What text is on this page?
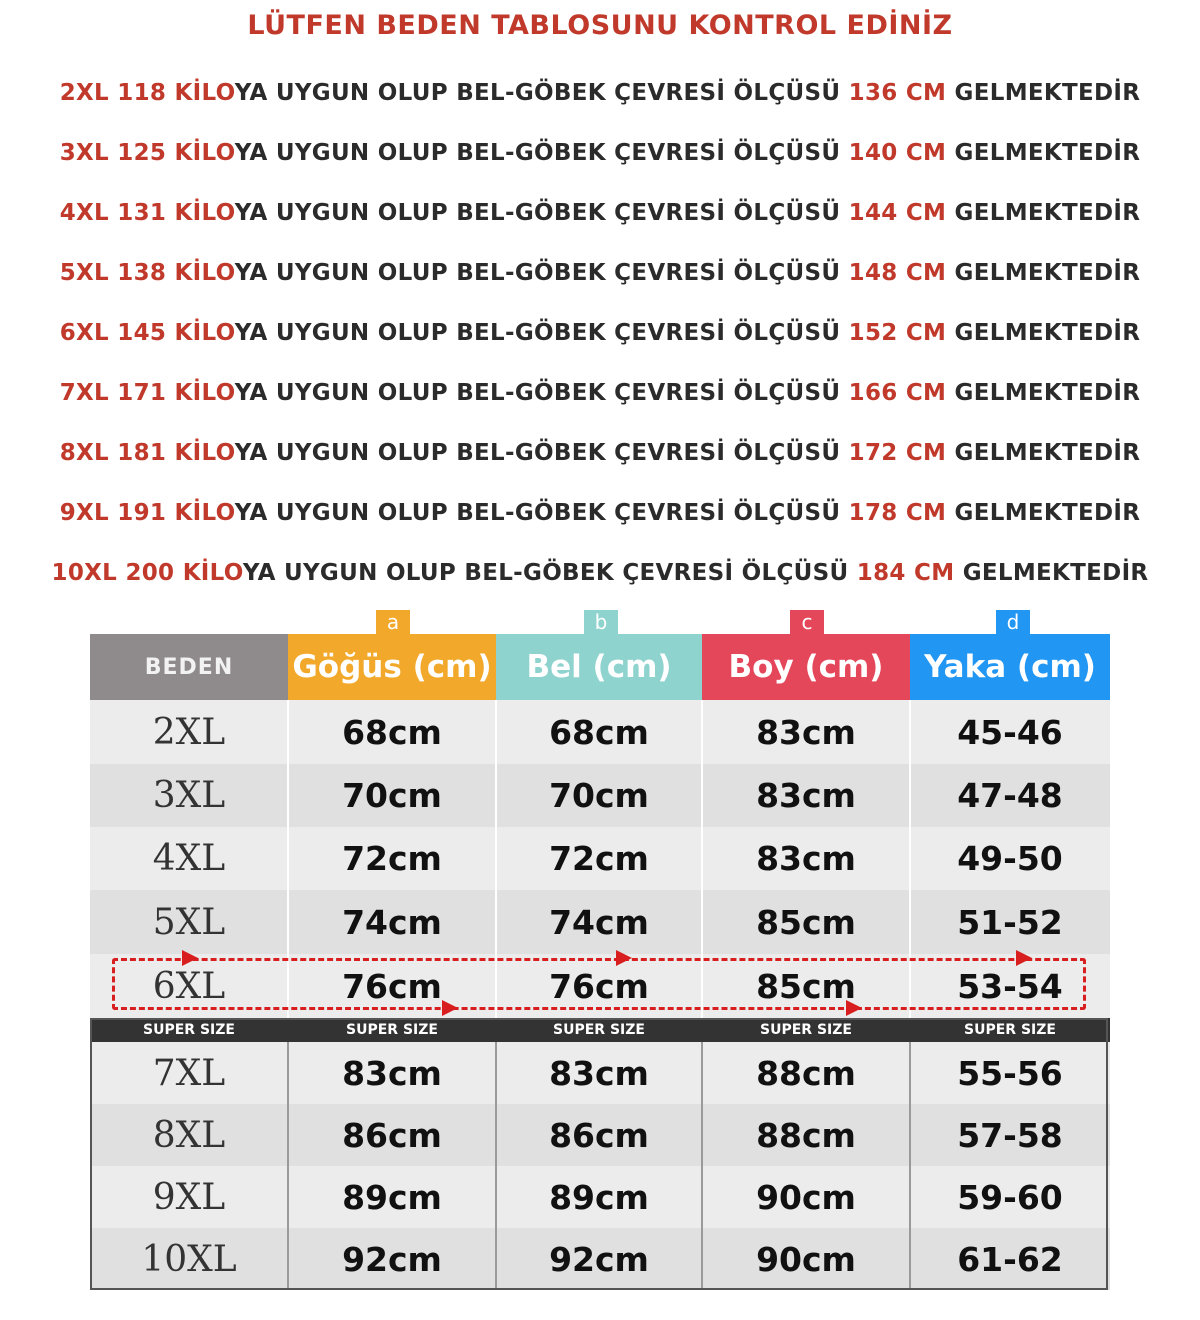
LÜTFEN BEDEN TABLOSUNU KONTROL EDİNİZ
2XL 118 KİLOYA UYGUN OLUP BEL-GÖBEK ÇEVRESİ ÖLÇÜSÜ 136 CM GELMEKTEDİR
3XL 125 KİLOYA UYGUN OLUP BEL-GÖBEK ÇEVRESİ ÖLÇÜSÜ 140 CM GELMEKTEDİR
4XL 131 KİLOYA UYGUN OLUP BEL-GÖBEK ÇEVRESİ ÖLÇÜSÜ 144 CM GELMEKTEDİR
5XL 138 KİLOYA UYGUN OLUP BEL-GÖBEK ÇEVRESİ ÖLÇÜSÜ 148 CM GELMEKTEDİR
6XL 145 KİLOYA UYGUN OLUP BEL-GÖBEK ÇEVRESİ ÖLÇÜSÜ 152 CM GELMEKTEDİR
7XL 171 KİLOYA UYGUN OLUP BEL-GÖBEK ÇEVRESİ ÖLÇÜSÜ 166 CM GELMEKTEDİR
8XL 181 KİLOYA UYGUN OLUP BEL-GÖBEK ÇEVRESİ ÖLÇÜSÜ 172 CM GELMEKTEDİR
9XL 191 KİLOYA UYGUN OLUP BEL-GÖBEK ÇEVRESİ ÖLÇÜSÜ 178 CM GELMEKTEDİR
10XL 200 KİLOYA UYGUN OLUP BEL-GÖBEK ÇEVRESİ ÖLÇÜSÜ 184 CM GELMEKTEDİR
BEDEN	Göğüs (cm)	Bel (cm)	Boy (cm)	Yaka (cm)
a	b	c	d
2XL	68cm	68cm	83cm	45-46
3XL	70cm	70cm	83cm	47-48
4XL	72cm	72cm	83cm	49-50
5XL	74cm	74cm	85cm	51-52
6XL	76cm	76cm	85cm	53-54
SUPER SIZE	SUPER SIZE	SUPER SIZE	SUPER SIZE	SUPER SIZE
7XL	83cm	83cm	88cm	55-56
8XL	86cm	86cm	88cm	57-58
9XL	89cm	89cm	90cm	59-60
10XL	92cm	92cm	90cm	61-62
